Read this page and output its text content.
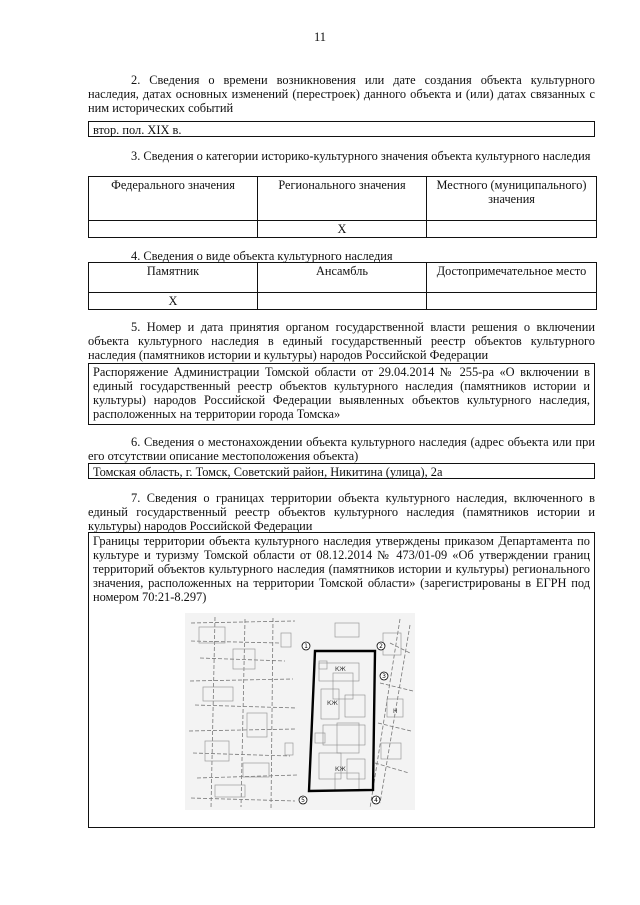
11
2. Сведения о времени возникновения или дате создания объекта культурного наследия, датах основных изменений (перестроек) данного объекта и (или) датах связанных с ним исторических событий
втор. пол. XIX в.
3. Сведения о категории историко-культурного значения объекта культурного наследия
Федерального значения	Регионального значения	Местного (муниципального) значения
	Х	
4. Сведения о виде объекта культурного наследия
Памятник	Ансамбль	Достопримечательное место
Х		
5. Номер и дата принятия органом государственной власти решения о включении объекта культурного наследия в единый государственный реестр объектов культурного наследия (памятников истории и культуры) народов Российской Федерации
Распоряжение Администрации Томской области от 29.04.2014 № 255-ра «О включении в единый государственный реестр объектов культурного наследия (памятников истории и культуры) народов Российской Федерации выявленных объектов культурного наследия, расположенных на территории города Томска»
6. Сведения о местонахождении объекта культурного наследия (адрес объекта или при его отсутствии описание местоположения объекта)
Томская область, г. Томск, Советский район, Никитина (улица), 2а
7. Сведения о границах территории объекта культурного наследия, включенного в единый государственный реестр объектов культурного наследия (памятников истории и культуры) народов Российской Федерации
Границы территории объекта культурного наследия утверждены приказом Департамента по культуре и туризму Томской области от 08.12.2014 № 473/01-09 «Об утверждении границ территорий объектов культурного наследия (памятников истории и культуры) регионального значения, расположенных на территории Томской области» (зарегистрированы в ЕГРН под номером 70:21-8.297)
КЖ
КЖ
КЖ
Н
1	2
3
4
5
